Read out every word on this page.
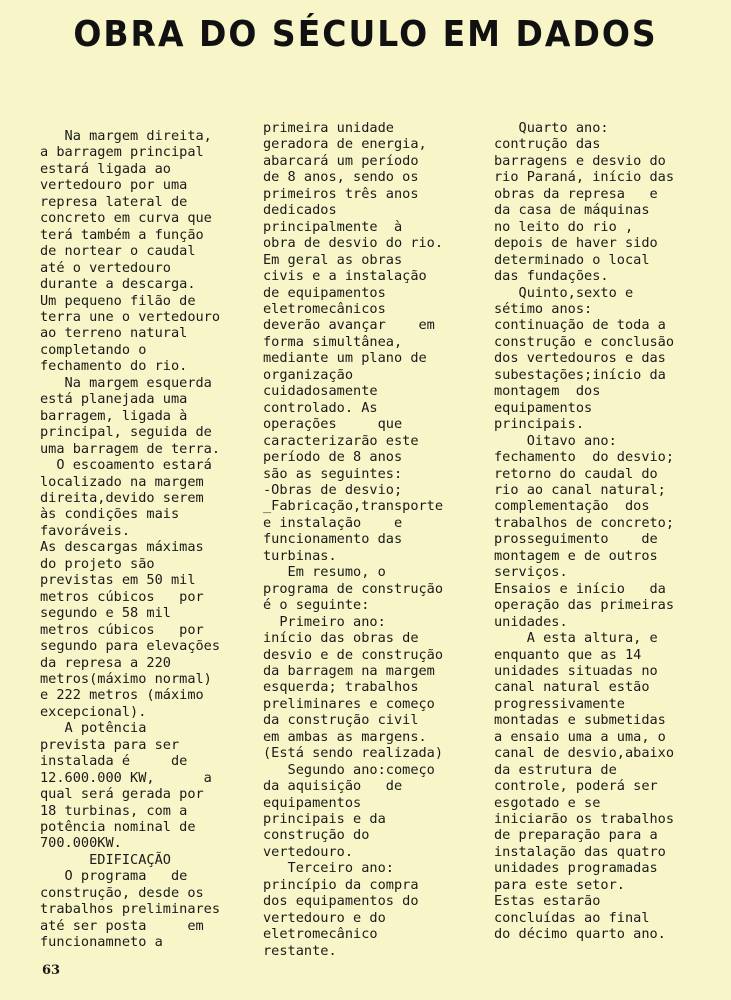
OBRA DO SÉCULO EM DADOS
Na margem direita,
a barragem principal
estará ligada ao
vertedouro por uma
represa lateral de
concreto em curva que
terá também a função
de nortear o caudal
até o vertedouro
durante a descarga.
Um pequeno filão de
terra une o vertedouro
ao terreno natural
completando o
fechamento do rio.
Na margem esquerda
está planejada uma
barragem, ligada à
principal, seguida de
uma barragem de terra.
O escoamento estará
localizado na margem
direita,devido serem
às condições mais
favoráveis.
As descargas máximas
do projeto são
previstas em 50 mil
metros cúbicos   por
segundo e 58 mil
metros cúbicos   por
segundo para elevações
da represa a 220
metros(máximo normal)
e 222 metros (máximo
excepcional).
A potência
prevista para ser
instalada é     de
12.600.000 KW,      a
qual será gerada por
18 turbinas, com a
potência nominal de
700.000KW.
EDIFICAÇÃO
O programa   de
construção, desde os
trabalhos preliminares
até ser posta     em
funcionamneto a
primeira unidade
geradora de energia,
abarcará um período
de 8 anos, sendo os
primeiros três anos
dedicados
principalmente  à
obra de desvio do rio.
Em geral as obras
civis e a instalação
de equipamentos
eletromecânicos
deverão avançar    em
forma simultânea,
mediante um plano de
organização
cuidadosamente
controlado. As
operações     que
caracterizarão este
período de 8 anos
são as seguintes:
-Obras de desvio;
_Fabricação,transporte
e instalação    e
funcionamento das
turbinas.
Em resumo, o
programa de construção
é o seguinte:
Primeiro ano:
início das obras de
desvio e de construção
da barragem na margem
esquerda; trabalhos
preliminares e começo
da construção civil
em ambas as margens.
(Está sendo realizada)
Segundo ano:começo
da aquisição   de
equipamentos
principais e da
construção do
vertedouro.
Terceiro ano:
princípio da compra
dos equipamentos do
vertedouro e do
eletromecânico
restante.
Quarto ano:
contrução das
barragens e desvio do
rio Paraná, início das
obras da represa   e
da casa de máquinas
no leito do rio ,
depois de haver sido
determinado o local
das fundações.
Quinto,sexto e
sétimo anos:
continuação de toda a
construção e conclusão
dos vertedouros e das
subestações;início da
montagem  dos
equipamentos
principais.
Oitavo ano:
fechamento  do desvio;
retorno do caudal do
rio ao canal natural;
complementação  dos
trabalhos de concreto;
prosseguimento    de
montagem e de outros
serviços.
Ensaios e início   da
operação das primeiras
unidades.
A esta altura, e
enquanto que as 14
unidades situadas no
canal natural estão
progressivamente
montadas e submetidas
a ensaio uma a uma, o
canal de desvio,abaixo
da estrutura de
controle, poderá ser
esgotado e se
iniciarão os trabalhos
de preparação para a
instalação das quatro
unidades programadas
para este setor.
Estas estarão
concluídas ao final
do décimo quarto ano.
63
